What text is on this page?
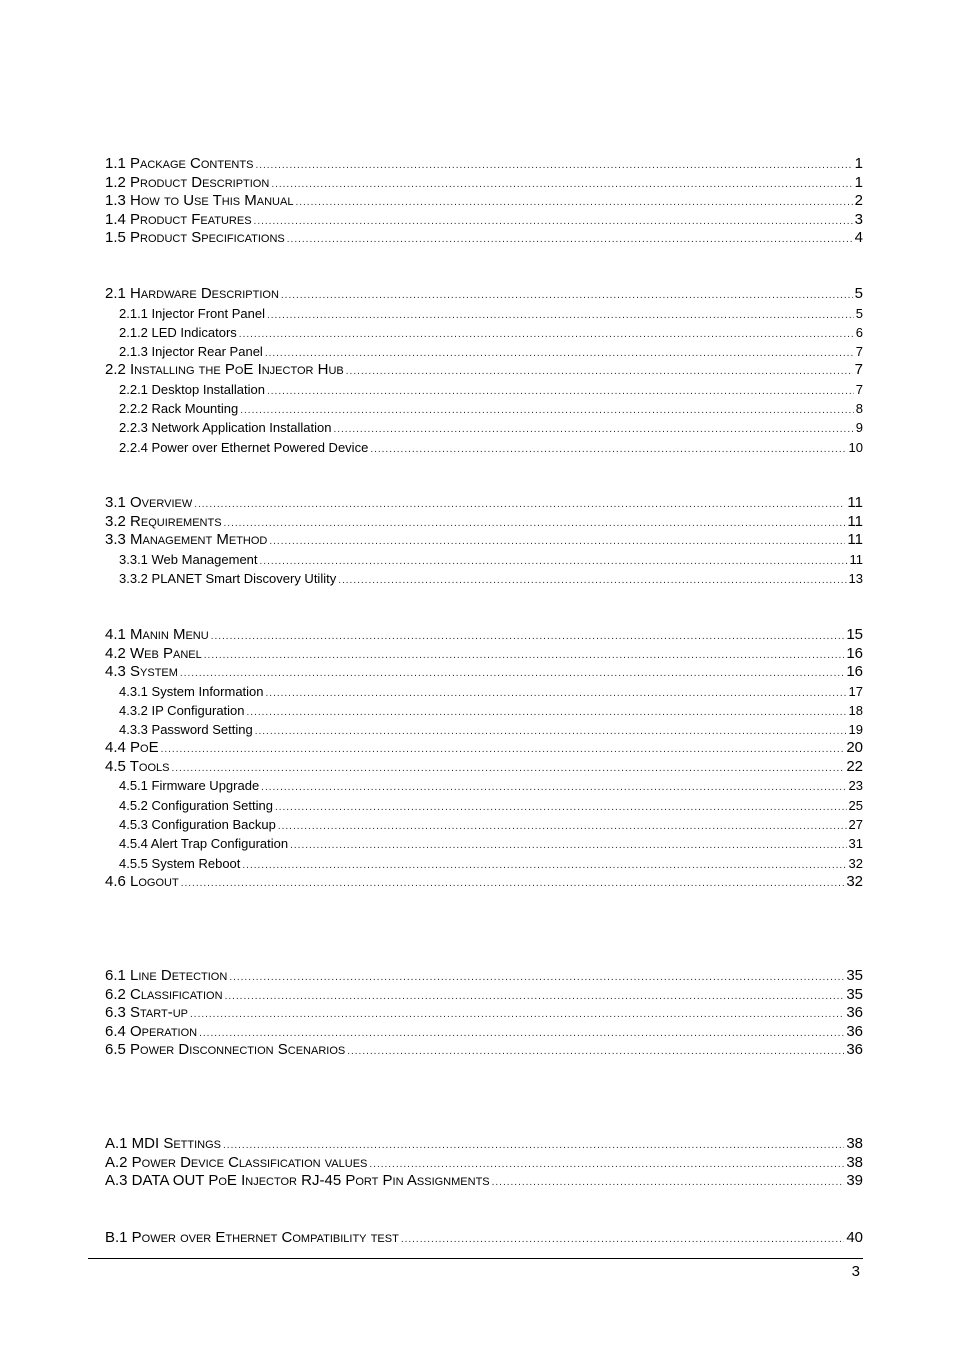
1.1 Package Contents .....	1
1.2 Product Description .....	1
1.3 How to Use This Manual .....	2
1.4 Product Features .....	3
1.5 Product Specifications .....	4
2.1 Hardware Description .....	5
2.1.1 Injector Front Panel .....	5
2.1.2 LED Indicators .....	6
2.1.3 Injector Rear Panel .....	7
2.2 Installing the PoE Injector Hub .....	7
2.2.1 Desktop Installation .....	7
2.2.2 Rack Mounting .....	8
2.2.3 Network Application Installation .....	9
2.2.4 Power over Ethernet Powered Device .....	10
3.1 Overview .....	11
3.2 Requirements .....	11
3.3 Management Method .....	11
3.3.1 Web Management .....	11
3.3.2 PLANET Smart Discovery Utility .....	13
4.1 Manin Menu .....	15
4.2 Web Panel .....	16
4.3 System .....	16
4.3.1 System Information .....	17
4.3.2 IP Configuration .....	18
4.3.3 Password Setting .....	19
4.4 PoE .....	20
4.5 Tools .....	22
4.5.1 Firmware Upgrade .....	23
4.5.2 Configuration Setting .....	25
4.5.3 Configuration Backup .....	27
4.5.4 Alert Trap Configuration .....	31
4.5.5 System Reboot .....	32
4.6 Logout .....	32
6.1 Line Detection .....	35
6.2 Classification .....	35
6.3 Start-up .....	36
6.4 Operation .....	36
6.5 Power Disconnection Scenarios .....	36
A.1 MDI Settings .....	38
A.2 Power Device Classification values .....	38
A.3 DATA OUT PoE Injector RJ-45 Port Pin Assignments .....	39
B.1 Power over Ethernet Compatibility test .....	40
3
